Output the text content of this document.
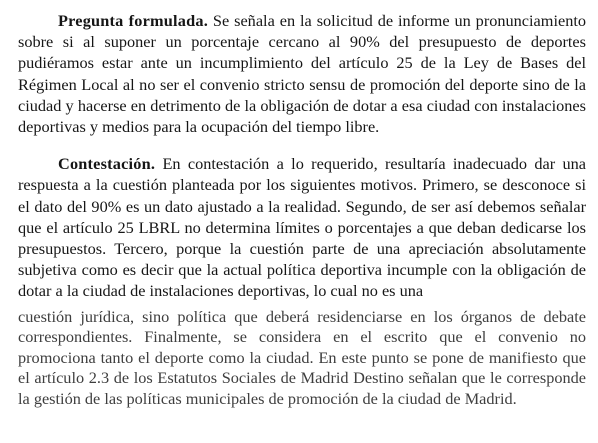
Pregunta formulada. Se señala en la solicitud de informe un pronunciamiento sobre si al suponer un porcentaje cercano al 90% del presupuesto de deportes pudiéramos estar ante un incumplimiento del artículo 25 de la Ley de Bases del Régimen Local al no ser el convenio stricto sensu de promoción del deporte sino de la ciudad y hacerse en detrimento de la obligación de dotar a esa ciudad con instalaciones deportivas y medios para la ocupación del tiempo libre.

Contestación. En contestación a lo requerido, resultaría inadecuado dar una respuesta a la cuestión planteada por los siguientes motivos. Primero, se desconoce si el dato del 90% es un dato ajustado a la realidad. Segundo, de ser así debemos señalar que el artículo 25 LBRL no determina límites o porcentajes a que deban dedicarse los presupuestos. Tercero, porque la cuestión parte de una apreciación absolutamente subjetiva como es decir que la actual política deportiva incumple con la obligación de dotar a la ciudad de instalaciones deportivas, lo cual no es una

cuestión jurídica, sino política que deberá residenciarse en los órganos de debate correspondientes. Finalmente, se considera en el escrito que el convenio no promociona tanto el deporte como la ciudad. En este punto se pone de manifiesto que el artículo 2.3 de los Estatutos Sociales de Madrid Destino señalan que le corresponde la gestión de las políticas municipales de promoción de la ciudad de Madrid.
